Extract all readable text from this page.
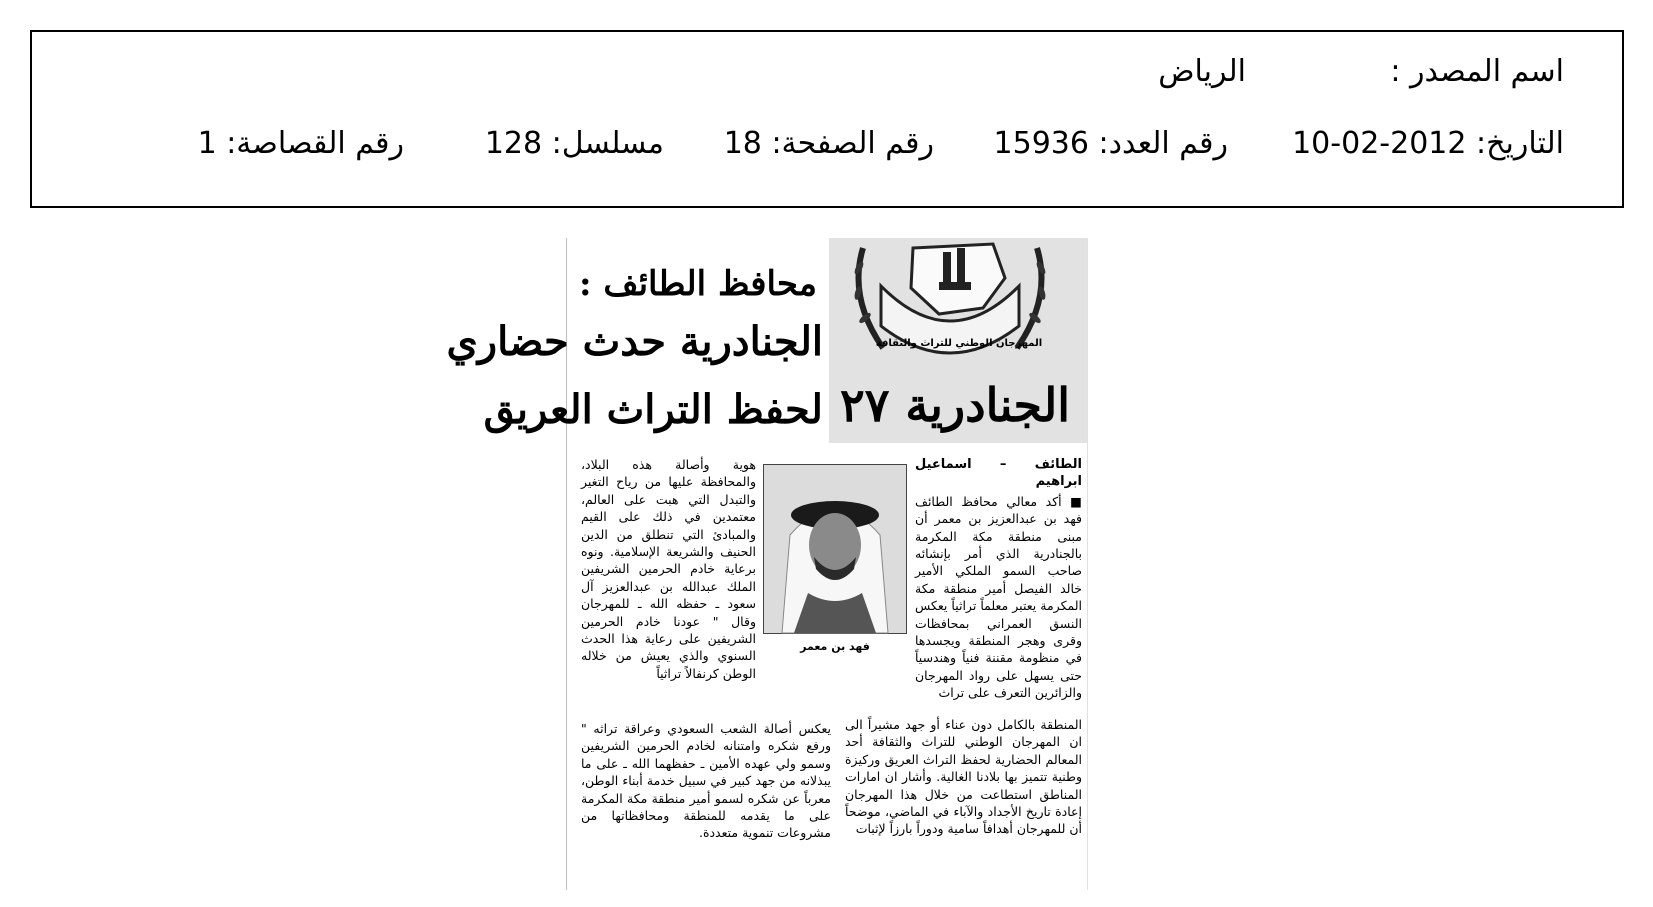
اسم المصدر :
الرياض
التاريخ: 2012-02-10
رقم العدد: 15936
رقم الصفحة: 18
مسلسل: 128
رقم القصاصة: 1
المهرجان الوطني للتراث والثقافة
الجنادرية ٢٧
محافظ الطائف :
الجنادرية حدث حضاري
لحفظ التراث العريق
الطائف – اسماعيل ابراهيم

■ أكد معالي محافظ الطائف فهد بن عبدالعزيز بن معمر أن مبنى منطقة مكة المكرمة بالجنادرية الذي أمر بإنشائه صاحب السمو الملكي الأمير خالد الفيصل أمير منطقة مكة المكرمة يعتبر معلماً تراثياً يعكس النسق العمراني بمحافظات وقرى وهجر المنطقة ويجسدها في منظومة مقننة فنياً وهندسياً حتى يسهل على رواد المهرجان والزائرين التعرف على تراث

فهد بن معمر

هوية وأصالة هذه البلاد، والمحافظة عليها من رياح التغير والتبدل التي هبت على العالم، معتمدين في ذلك على القيم والمبادئ التي تنطلق من الدين الحنيف والشريعة الإسلامية. ونوه برعاية خادم الحرمين الشريفين الملك عبدالله بن عبدالعزيز آل سعود ـ حفظه الله ـ للمهرجان وقال " عودنا خادم الحرمين الشريفين على رعاية هذا الحدث السنوي والذي يعيش من خلاله الوطن كرنفالاً تراثياً

المنطقة بالكامل دون عناء أو جهد مشيراً الى ان المهرجان الوطني للتراث والثقافة أحد المعالم الحضارية لحفظ التراث العريق وركيزة وطنية تتميز بها بلادنا الغالية. وأشار ان امارات المناطق استطاعت من خلال هذا المهرجان إعادة تاريخ الأجداد والآباء في الماضي، موضحاً أن للمهرجان أهدافاً سامية ودوراً بارزاً لإثبات

يعكس أصالة الشعب السعودي وعراقة تراثه " ورفع شكره وامتنانه لخادم الحرمين الشريفين وسمو ولي عهده الأمين ـ حفظهما الله ـ على ما يبذلانه من جهد كبير في سبيل خدمة أبناء الوطن، معرباً عن شكره لسمو أمير منطقة مكة المكرمة على ما يقدمه للمنطقة ومحافظاتها من مشروعات تنموية متعددة.
